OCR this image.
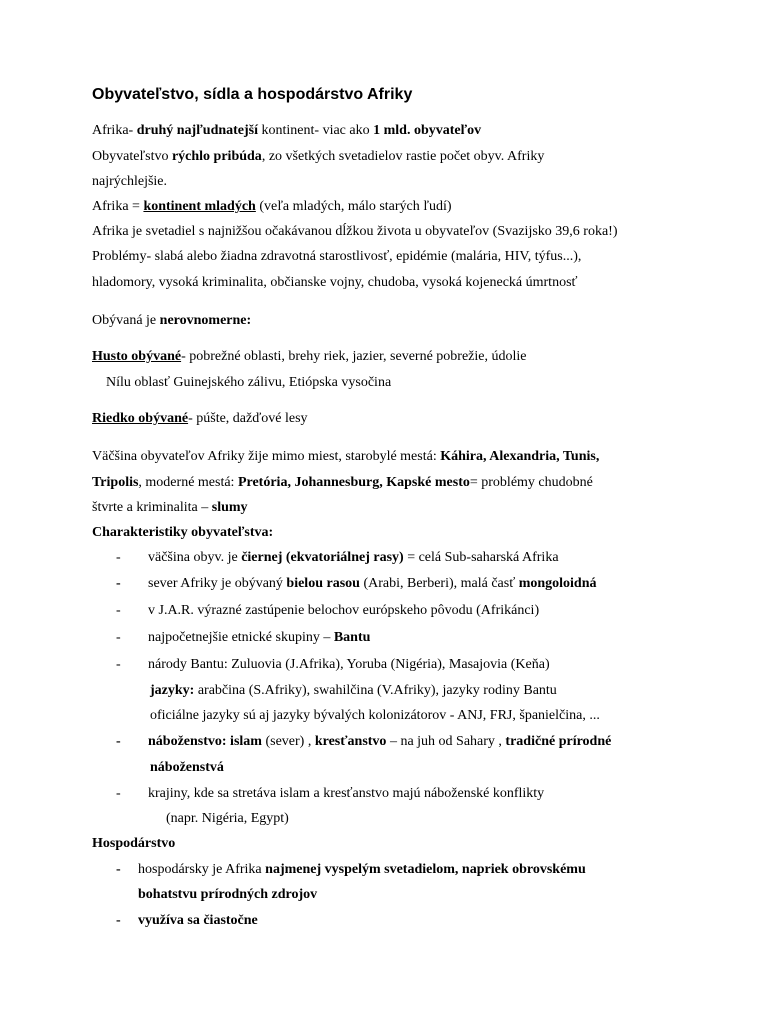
Obyvateľstvo, sídla a hospodárstvo Afriky
Afrika- druhý najľudnatejší kontinent- viac ako 1 mld. obyvateľov
Obyvateľstvo rýchlo pribúda, zo všetkých svetadielov rastie počet obyv. Afriky
najrýchlejšie.
Afrika = kontinent mladých (veľa mladých, málo starých ľudí)
Afrika je svetadiel s najnižšou očakávanou dĺžkou života u obyvateľov (Svazijsko 39,6 roka!)
Problémy- slabá alebo žiadna zdravotná starostlivosť, epidémie (malária, HIV, týfus...),
hladomory, vysoká kriminalita, občianske vojny, chudoba, vysoká kojenecká úmrtnosť
Obývaná je nerovnomerne:
Husto obývané- pobrežné oblasti, brehy riek, jazier, severné pobrežie, údolie
Nílu oblasť Guinejského zálivu, Etiópska vysočina
Riedko obývané- púšte, dažďové lesy
Väčšina obyvateľov Afriky žije mimo miest, starobylé mestá: Káhira, Alexandria, Tunis,
Tripolis, moderné mestá: Pretória, Johannesburg, Kapské mesto= problémy chudobné
štvrte a kriminalita – slumy
Charakteristiky obyvateľstva:
- väčšina obyv. je čiernej (ekvatoriálnej rasy) = celá Sub-saharská Afrika
- sever Afriky je obývaný bielou rasou (Arabi, Berberi), malá časť mongoloidná
- v J.A.R. výrazné zastúpenie belochov európskeho pôvodu (Afrikánci)
- najpočetnejšie etnické skupiny – Bantu
- národy Bantu: Zuluovia (J.Afrika), Yoruba (Nigéria), Masajovia (Keňa)
jazyky: arabčina (S.Afriky), swahilčina (V.Afriky), jazyky rodiny Bantu
oficiálne jazyky sú aj jazyky bývalých kolonizátorov - ANJ, FRJ, španielčina, ...
- náboženstvo: islam (sever) , kresťanstvo – na juh od Sahary , tradičné prírodné
náboženstvá
- krajiny, kde sa stretáva islam a kresťanstvo majú náboženské konflikty
(napr. Nigéria, Egypt)
Hospodárstvo
- hospodársky je Afrika najmenej vyspelým svetadielom, napriek obrovskému
bohatstvu prírodných zdrojov
- využíva sa čiastočne
